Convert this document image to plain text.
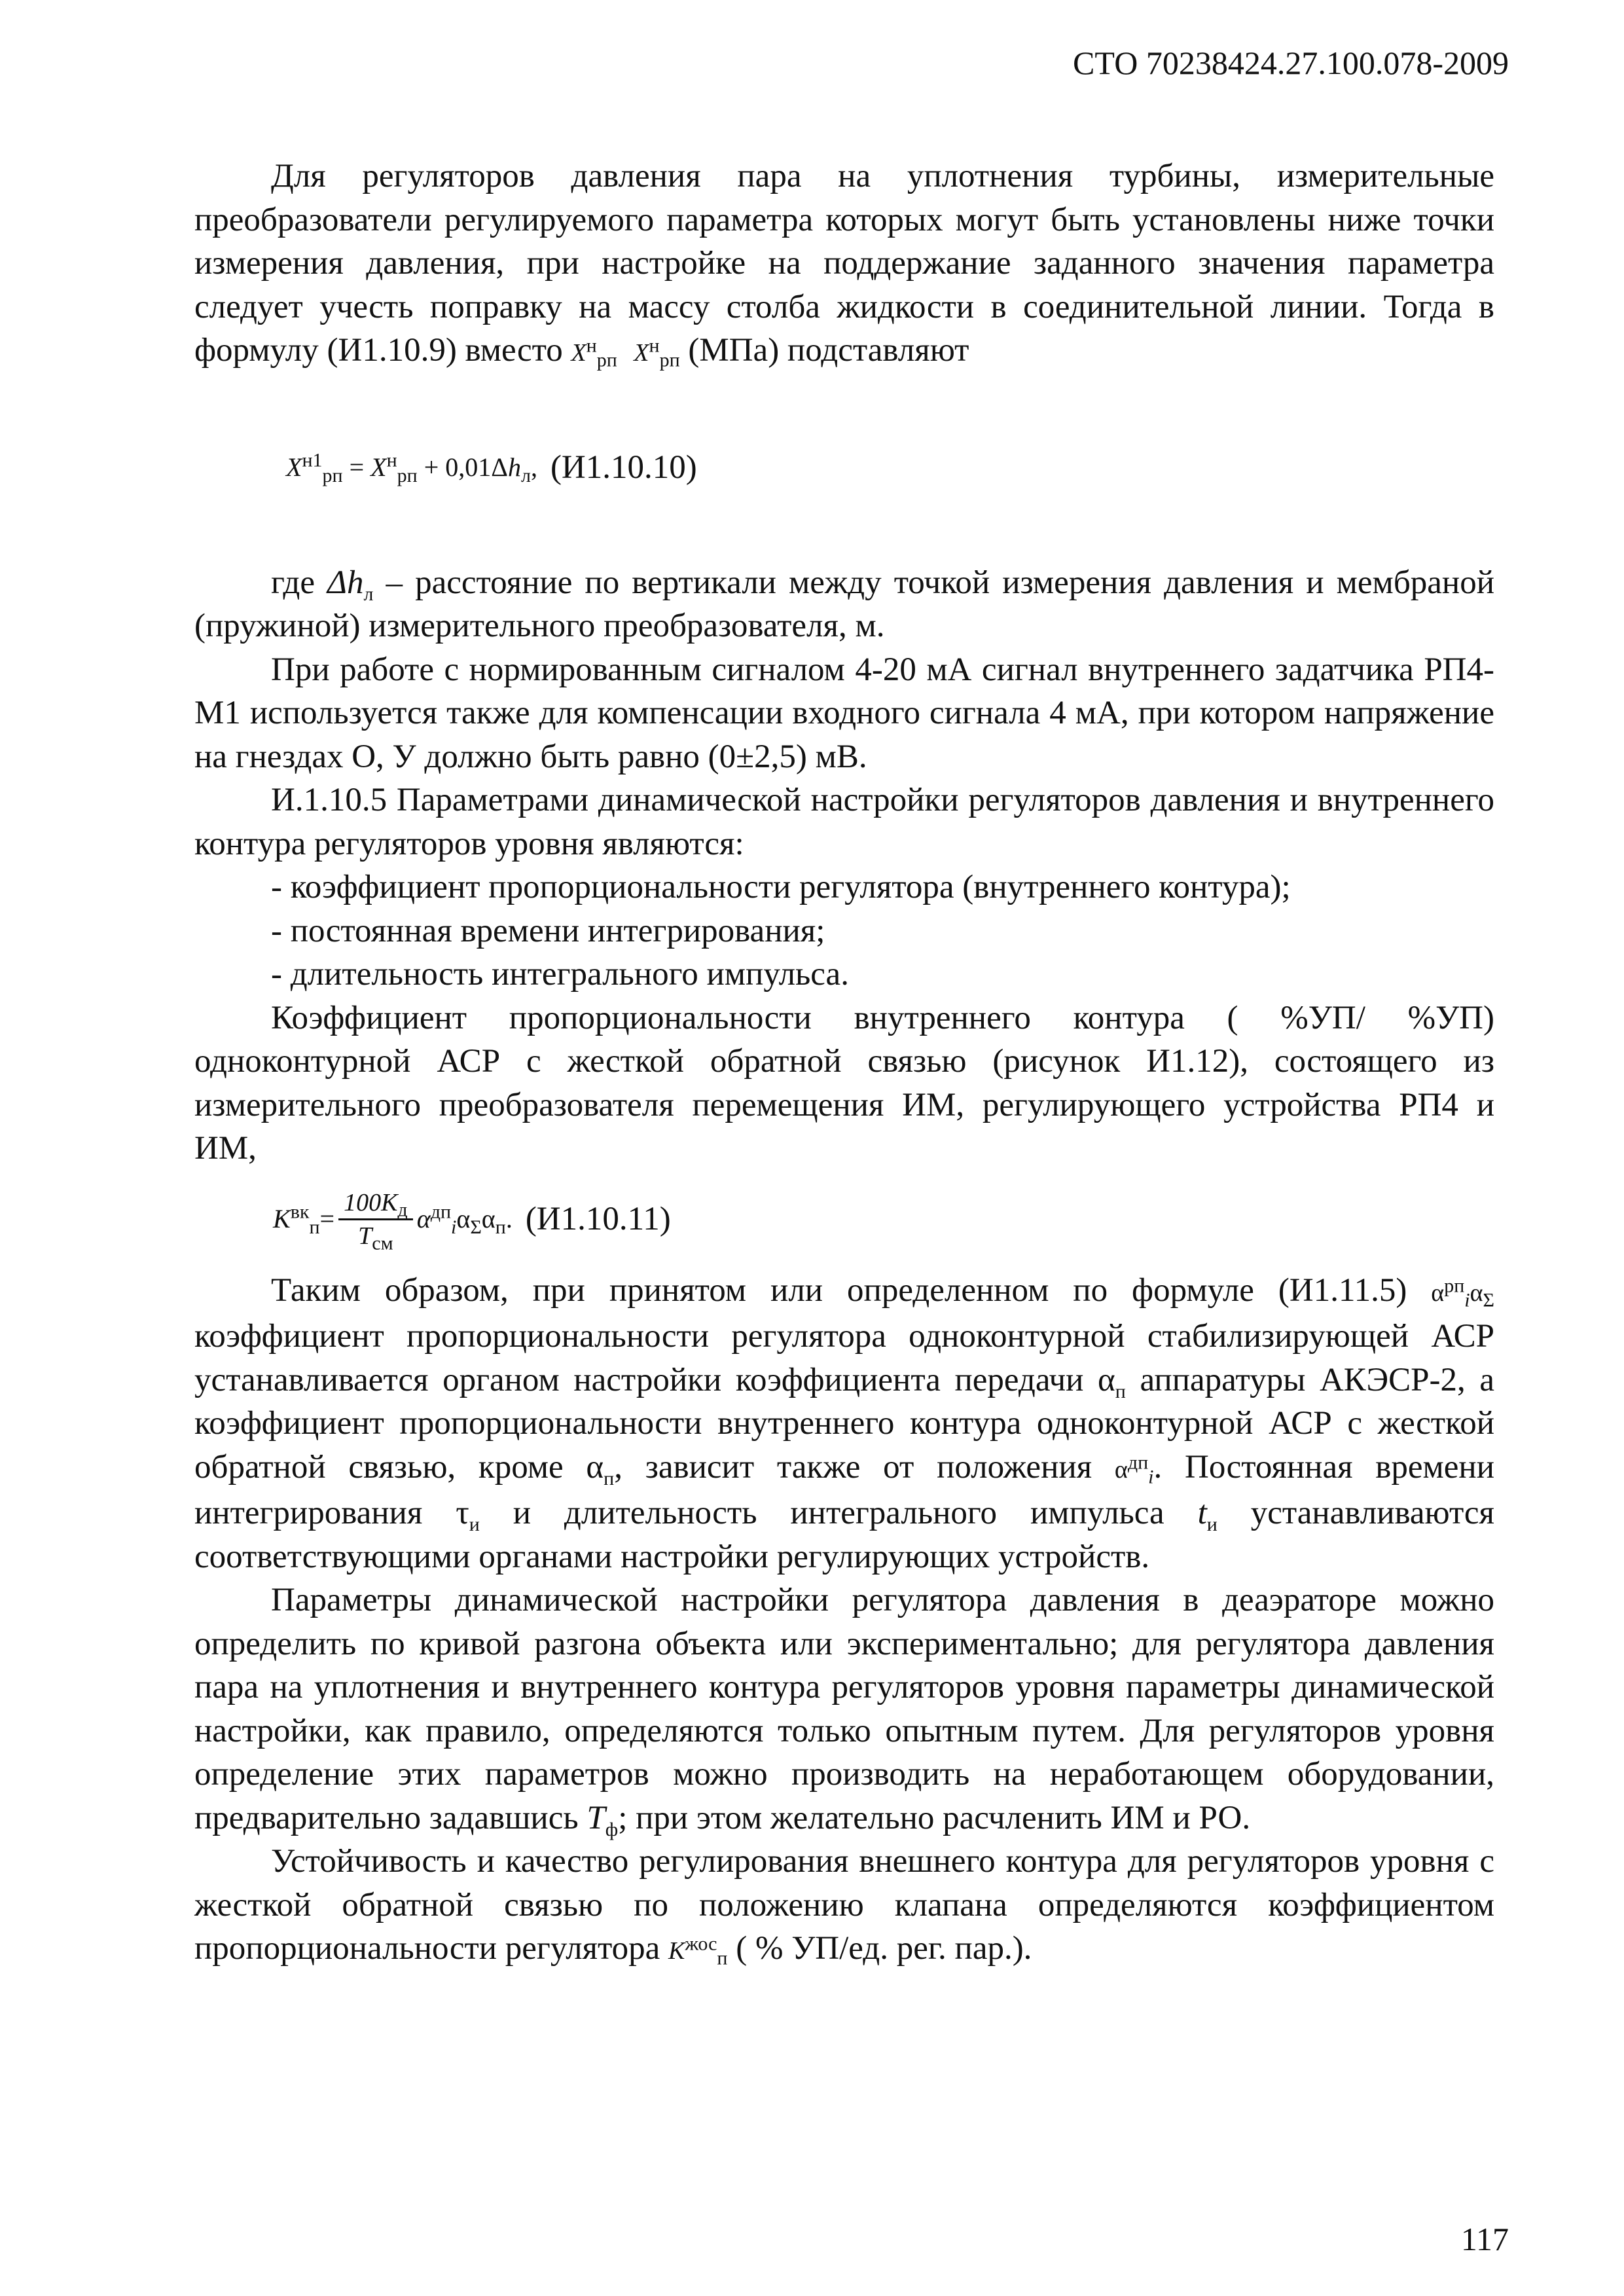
СТО 70238424.27.100.078-2009

Для регуляторов давления пара на уплотнения турбины, измерительные преобразователи регулируемого параметра которых могут быть установлены ниже точки измерения давления, при настройке на поддержание заданного значения параметра следует учесть поправку на массу столба жидкости в соединительной линии. Тогда в формулу (И1.10.9) вместо $X^н_{рп}$ $X^н_{рп}$ (МПа) подставляют

$X^{н1}_{рп} = X^н_{рп} + 0,01\Delta h_л$, (И1.10.10)

где $\Delta h_л$ – расстояние по вертикали между точкой измерения давления и мембраной (пружиной) измерительного преобразователя, м.

При работе с нормированным сигналом 4-20 мА сигнал внутреннего задатчика РП4-М1 используется также для компенсации входного сигнала 4 мА, при котором напряжение на гнездах О, У должно быть равно (0±2,5) мВ.

И.1.10.5 Параметрами динамической настройки регуляторов давления и внутреннего контура регуляторов уровня являются:

- коэффициент пропорциональности регулятора (внутреннего контура);

- постоянная времени интегрирования;

- длительность интегрального импульса.

Коэффициент пропорциональности внутреннего контура ( %УП/ %УП) одноконтурной АСР с жесткой обратной связью (рисунок И1.12), состоящего из измерительного преобразователя перемещения ИМ, регулирующего устройства РП4 и ИМ,

$K^{вк}_п = \frac{100K_д}{T_{см}} \alpha^{дп}_i$ $\alpha_\Sigma$ $\alpha_п$ . (И1.10.11)

Таким образом, при принятом или определенном по формуле (И1.11.5) $\alpha^{рп}_i\alpha_\Sigma$ коэффициент пропорциональности регулятора одноконтурной стабилизирующей АСР устанавливается органом настройки коэффициента передачи $\alpha_п$ аппаратуры АКЭСР-2, а коэффициент пропорциональности внутреннего контура одноконтурной АСР с жесткой обратной связью, кроме $\alpha_п$, зависит также от положения $\alpha^{дп}_i$. Постоянная времени интегрирования $\tau_и$ и длительность интегрального импульса $t_и$ устанавливаются соответствующими органами настройки регулирующих устройств.

Параметры динамической настройки регулятора давления в деаэраторе можно определить по кривой разгона объекта или экспериментально; для регулятора давления пара на уплотнения и внутреннего контура регуляторов уровня параметры динамической настройки, как правило, определяются только опытным путем. Для регуляторов уровня определение этих параметров можно производить на неработающем оборудовании, предварительно задавшись $T_ф$; при этом желательно расчленить ИМ и РО.

Устойчивость и качество регулирования внешнего контура для регуляторов уровня с жесткой обратной связью по положению клапана определяются коэффициентом пропорциональности регулятора $K^{жос}_п$ ( % УП/ед. рег. пар.).

117
